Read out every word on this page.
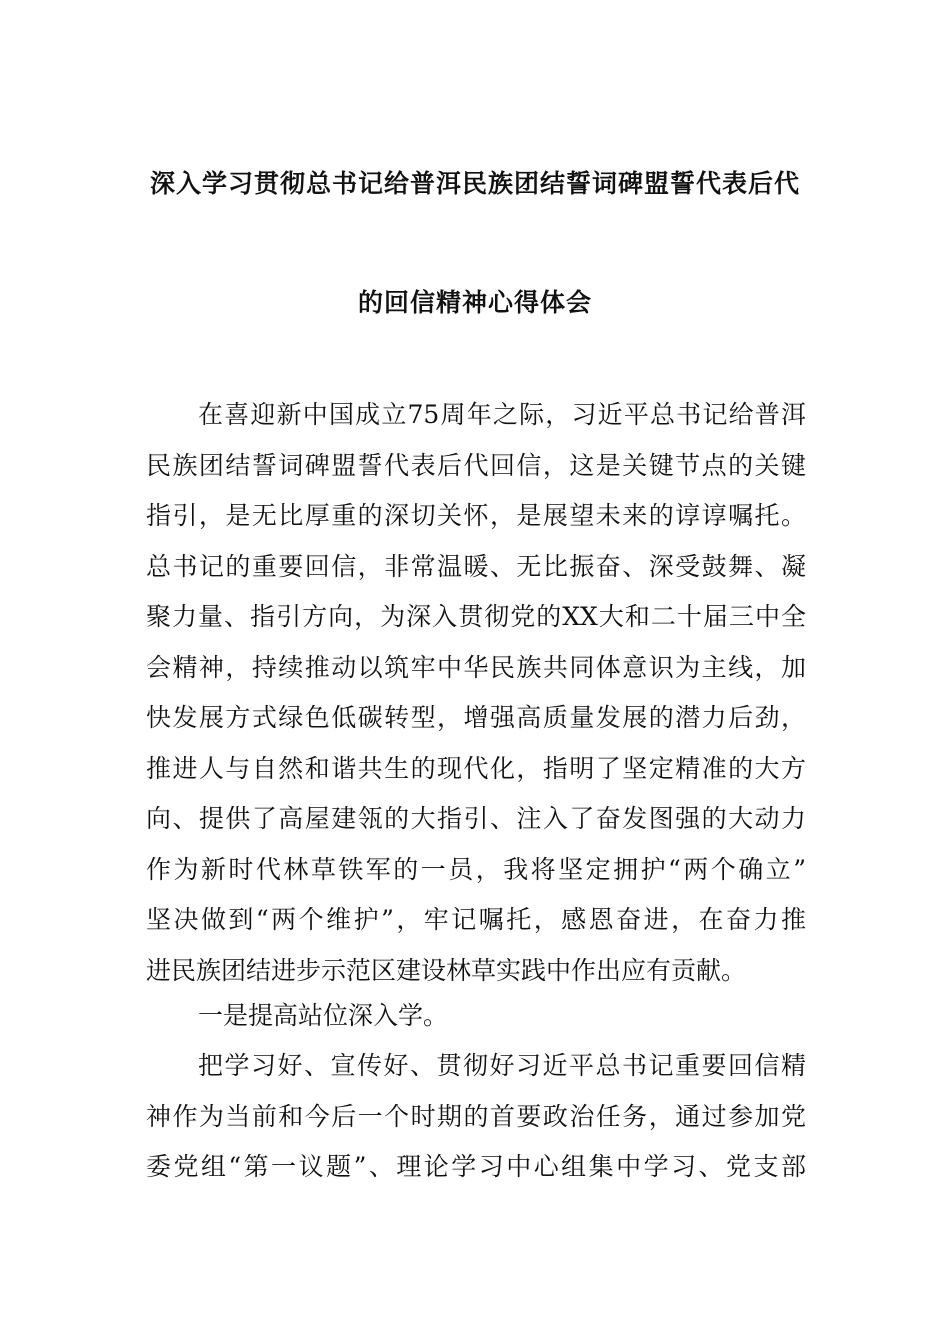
深入学习贯彻总书记给普洱民族团结誓词碑盟誓代表后代
的回信精神心得体会
在喜迎新中国成立75周年之际，习近平总书记给普洱
民族团结誓词碑盟誓代表后代回信，这是关键节点的关键
指引，是无比厚重的深切关怀，是展望未来的谆谆嘱托。
总书记的重要回信，非常温暖、无比振奋、深受鼓舞、凝
聚力量、指引方向，为深入贯彻党的XX大和二十届三中全
会精神，持续推动以筑牢中华民族共同体意识为主线，加
快发展方式绿色低碳转型，增强高质量发展的潜力后劲，
推进人与自然和谐共生的现代化，指明了坚定精准的大方
向、提供了高屋建瓴的大指引、注入了奋发图强的大动力
作为新时代林草铁军的一员，我将坚定拥护“两个确立”
坚决做到“两个维护”，牢记嘱托，感恩奋进，在奋力推
进民族团结进步示范区建设林草实践中作出应有贡献。
一是提高站位深入学。
把学习好、宣传好、贯彻好习近平总书记重要回信精
神作为当前和今后一个时期的首要政治任务，通过参加党
委党组“第一议题”、理论学习中心组集中学习、党支部
